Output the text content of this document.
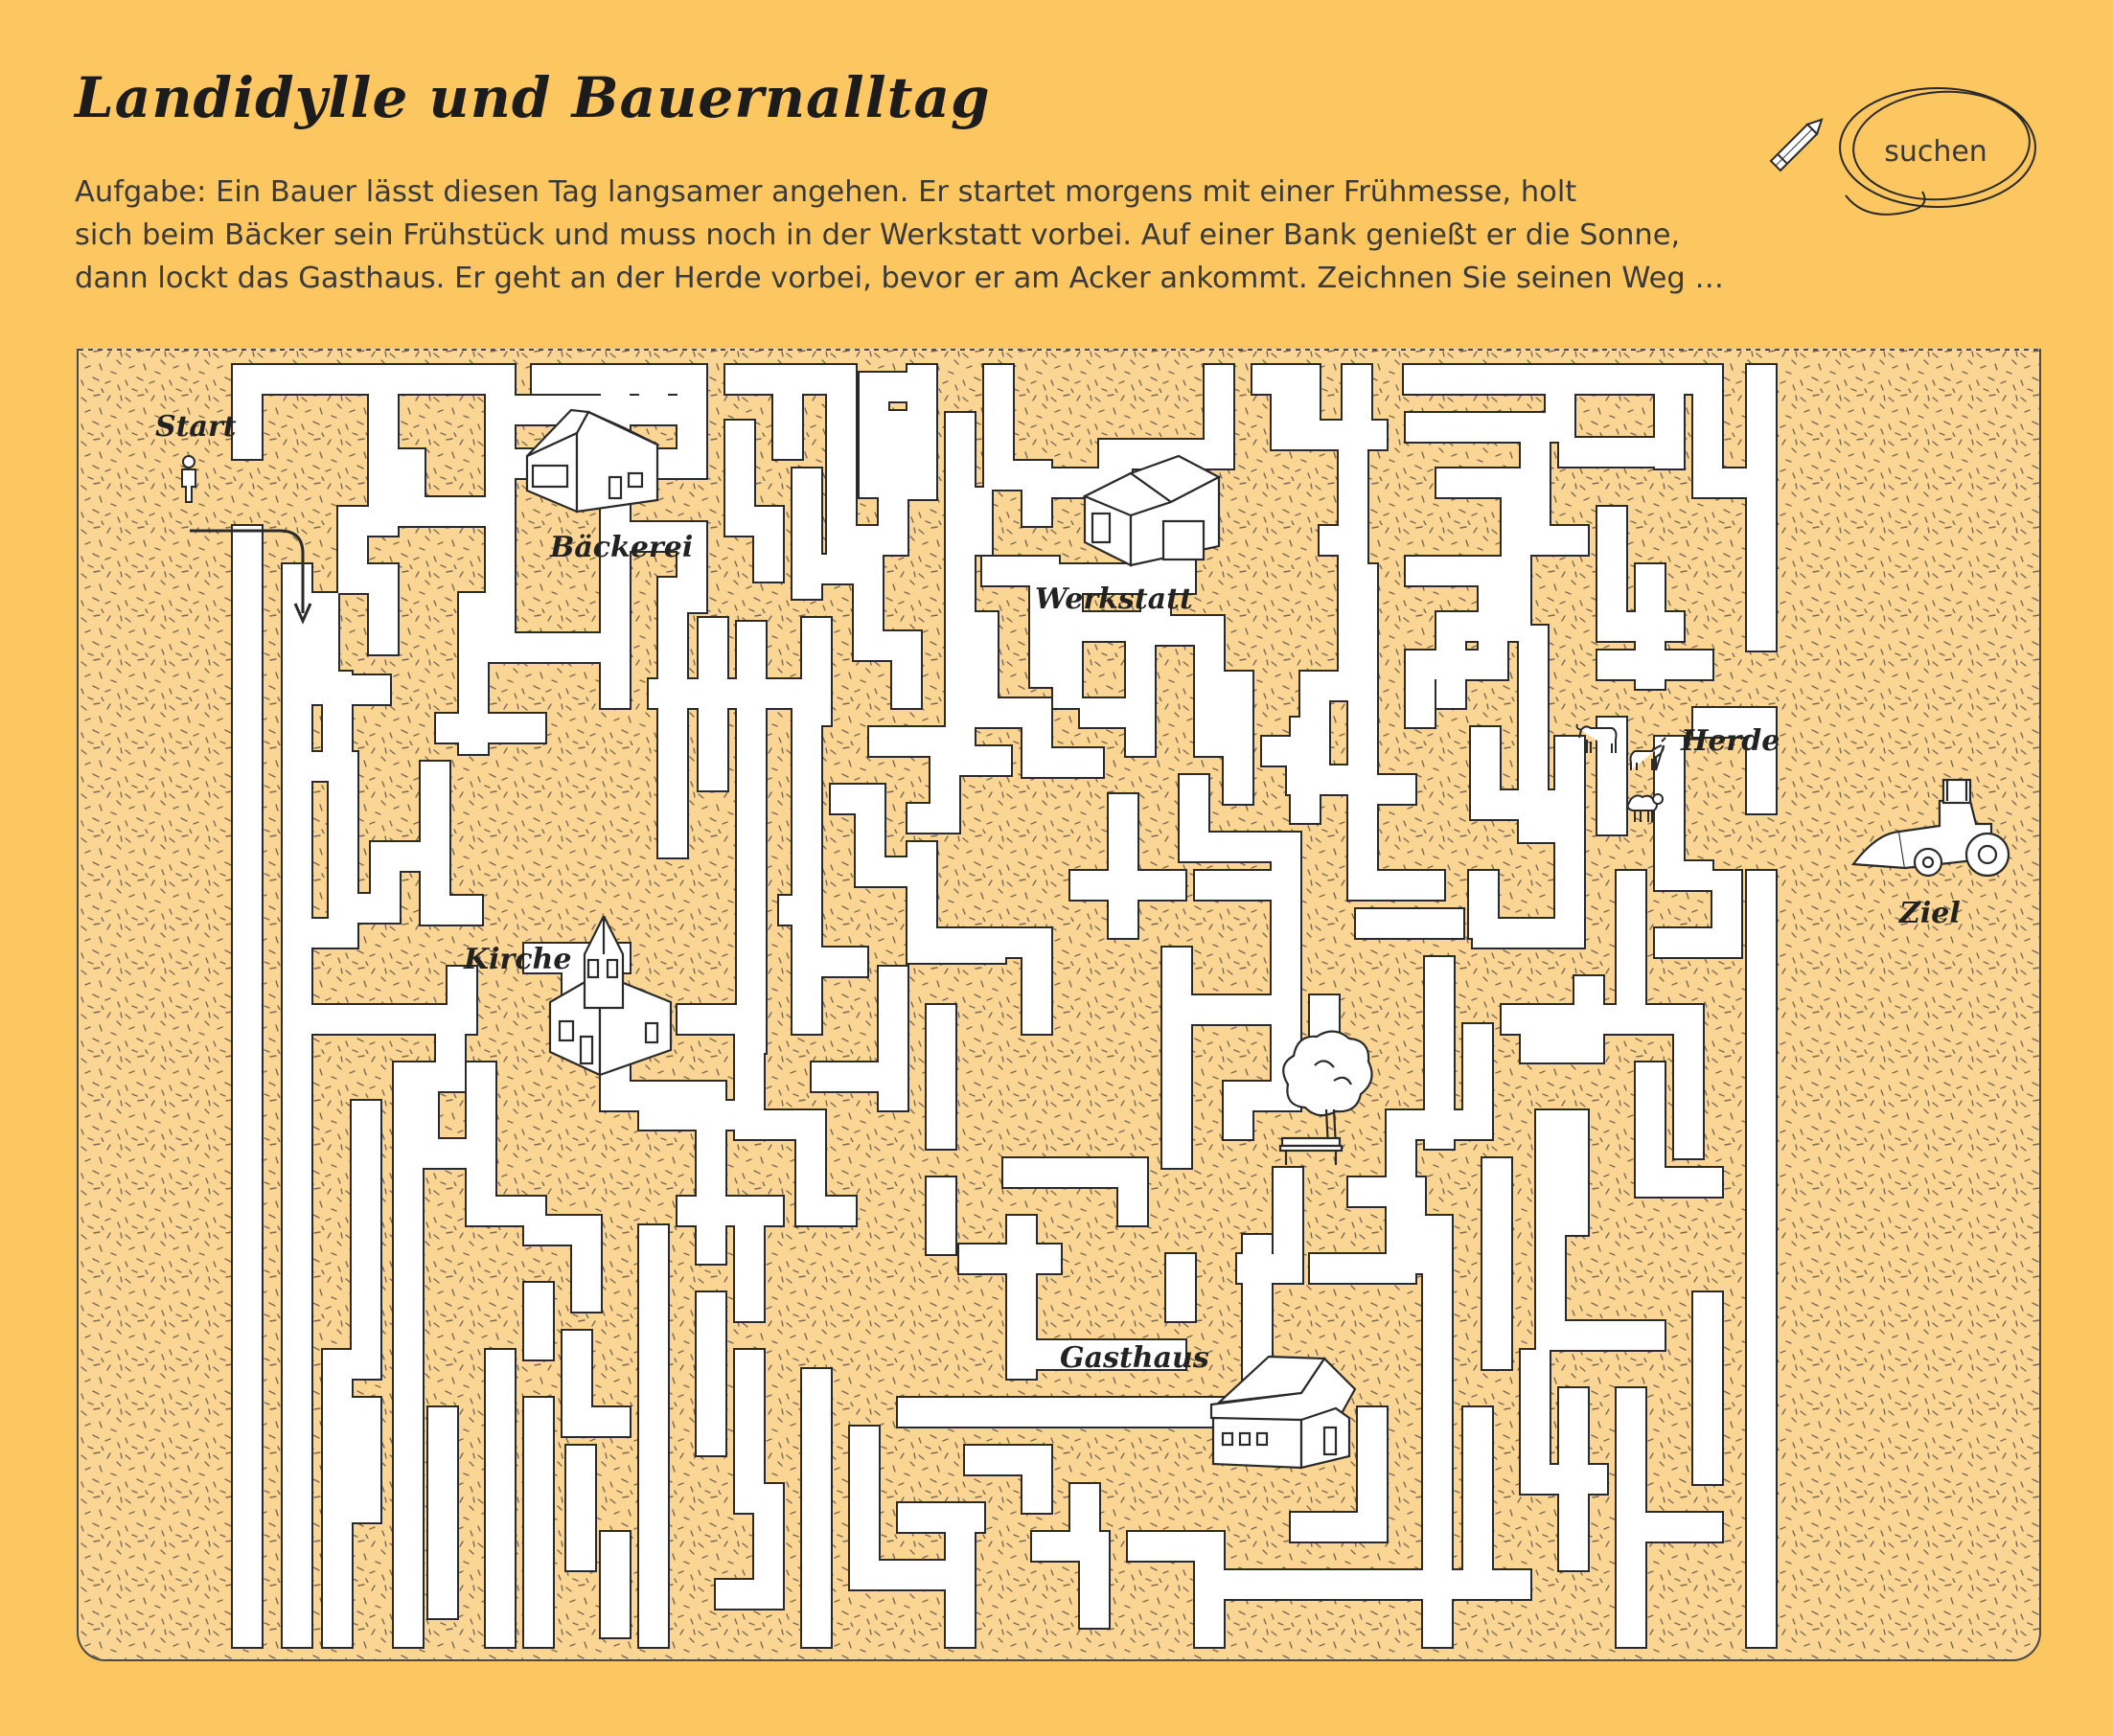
Landidylle und Bauernalltag
Aufgabe: Ein Bauer lässt diesen Tag langsamer angehen. Er startet morgens mit einer Frühmesse, holt
sich beim Bäcker sein Frühstück und muss noch in der Werkstatt vorbei. Auf einer Bank genießt er die Sonne,
dann lockt das Gasthaus. Er geht an der Herde vorbei, bevor er am Acker ankommt. Zeichnen Sie seinen Weg …
suchen
Start
Bäckerei
Werkstatt
Kirche
Gasthaus
Herde
Ziel
